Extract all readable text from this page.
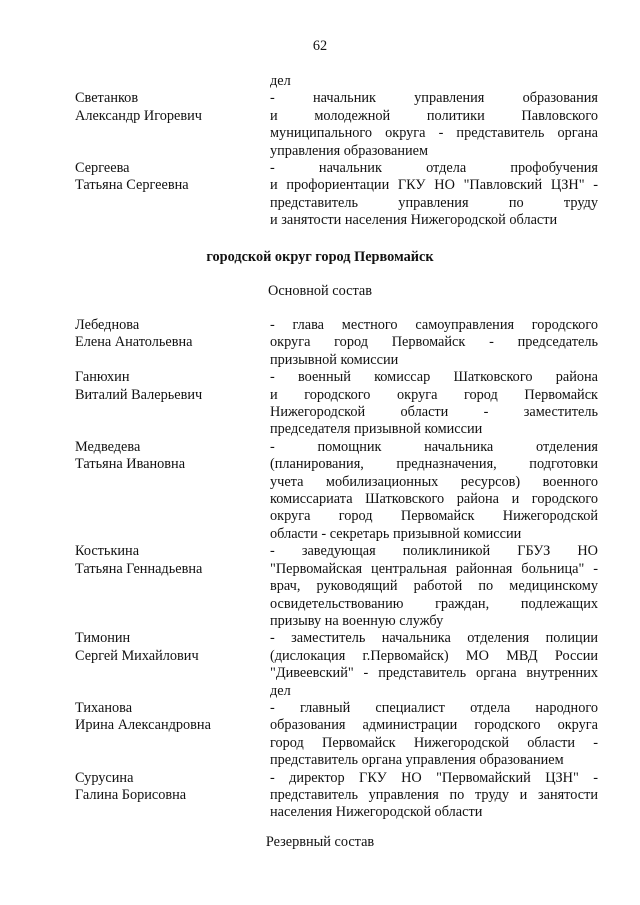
62
дел
Светанков
Александр Игоревич
- начальник управления образования
и молодежной политики Павловского
муниципального округа - представитель органа
управления образованием
Сергеева
Татьяна Сергеевна
- начальник отдела профобучения
и профориентации ГКУ НО "Павловский ЦЗН" -
представитель управления по труду
и занятости населения Нижегородской области
городской округ город Первомайск
Основной состав
Лебеднова
Елена Анатольевна
- глава местного самоуправления городского
округа город Первомайск - председатель
призывной комиссии
Ганюхин
Виталий Валерьевич
- военный комиссар Шатковского района
и городского округа город Первомайск
Нижегородской области - заместитель
председателя призывной комиссии
Медведева
Татьяна Ивановна
- помощник начальника отделения
(планирования, предназначения, подготовки
учета мобилизационных ресурсов) военного
комиссариата Шатковского района и городского
округа город Первомайск Нижегородской
области - секретарь призывной комиссии
Костькина
Татьяна Геннадьевна
- заведующая поликлиникой ГБУЗ НО
"Первомайская центральная районная больница" -
врач, руководящий работой по медицинскому
освидетельствованию граждан, подлежащих
призыву на военную службу
Тимонин
Сергей Михайлович
- заместитель начальника отделения полиции
(дислокация г.Первомайск) МО МВД России
"Дивеевский" - представитель органа внутренних
дел
Тиханова
Ирина Александровна
- главный специалист отдела народного
образования администрации городского округа
город Первомайск Нижегородской области -
представитель органа управления образованием
Сурусина
Галина Борисовна
- директор ГКУ НО "Первомайский ЦЗН" -
представитель управления по труду и занятости
населения Нижегородской области
Резервный состав
